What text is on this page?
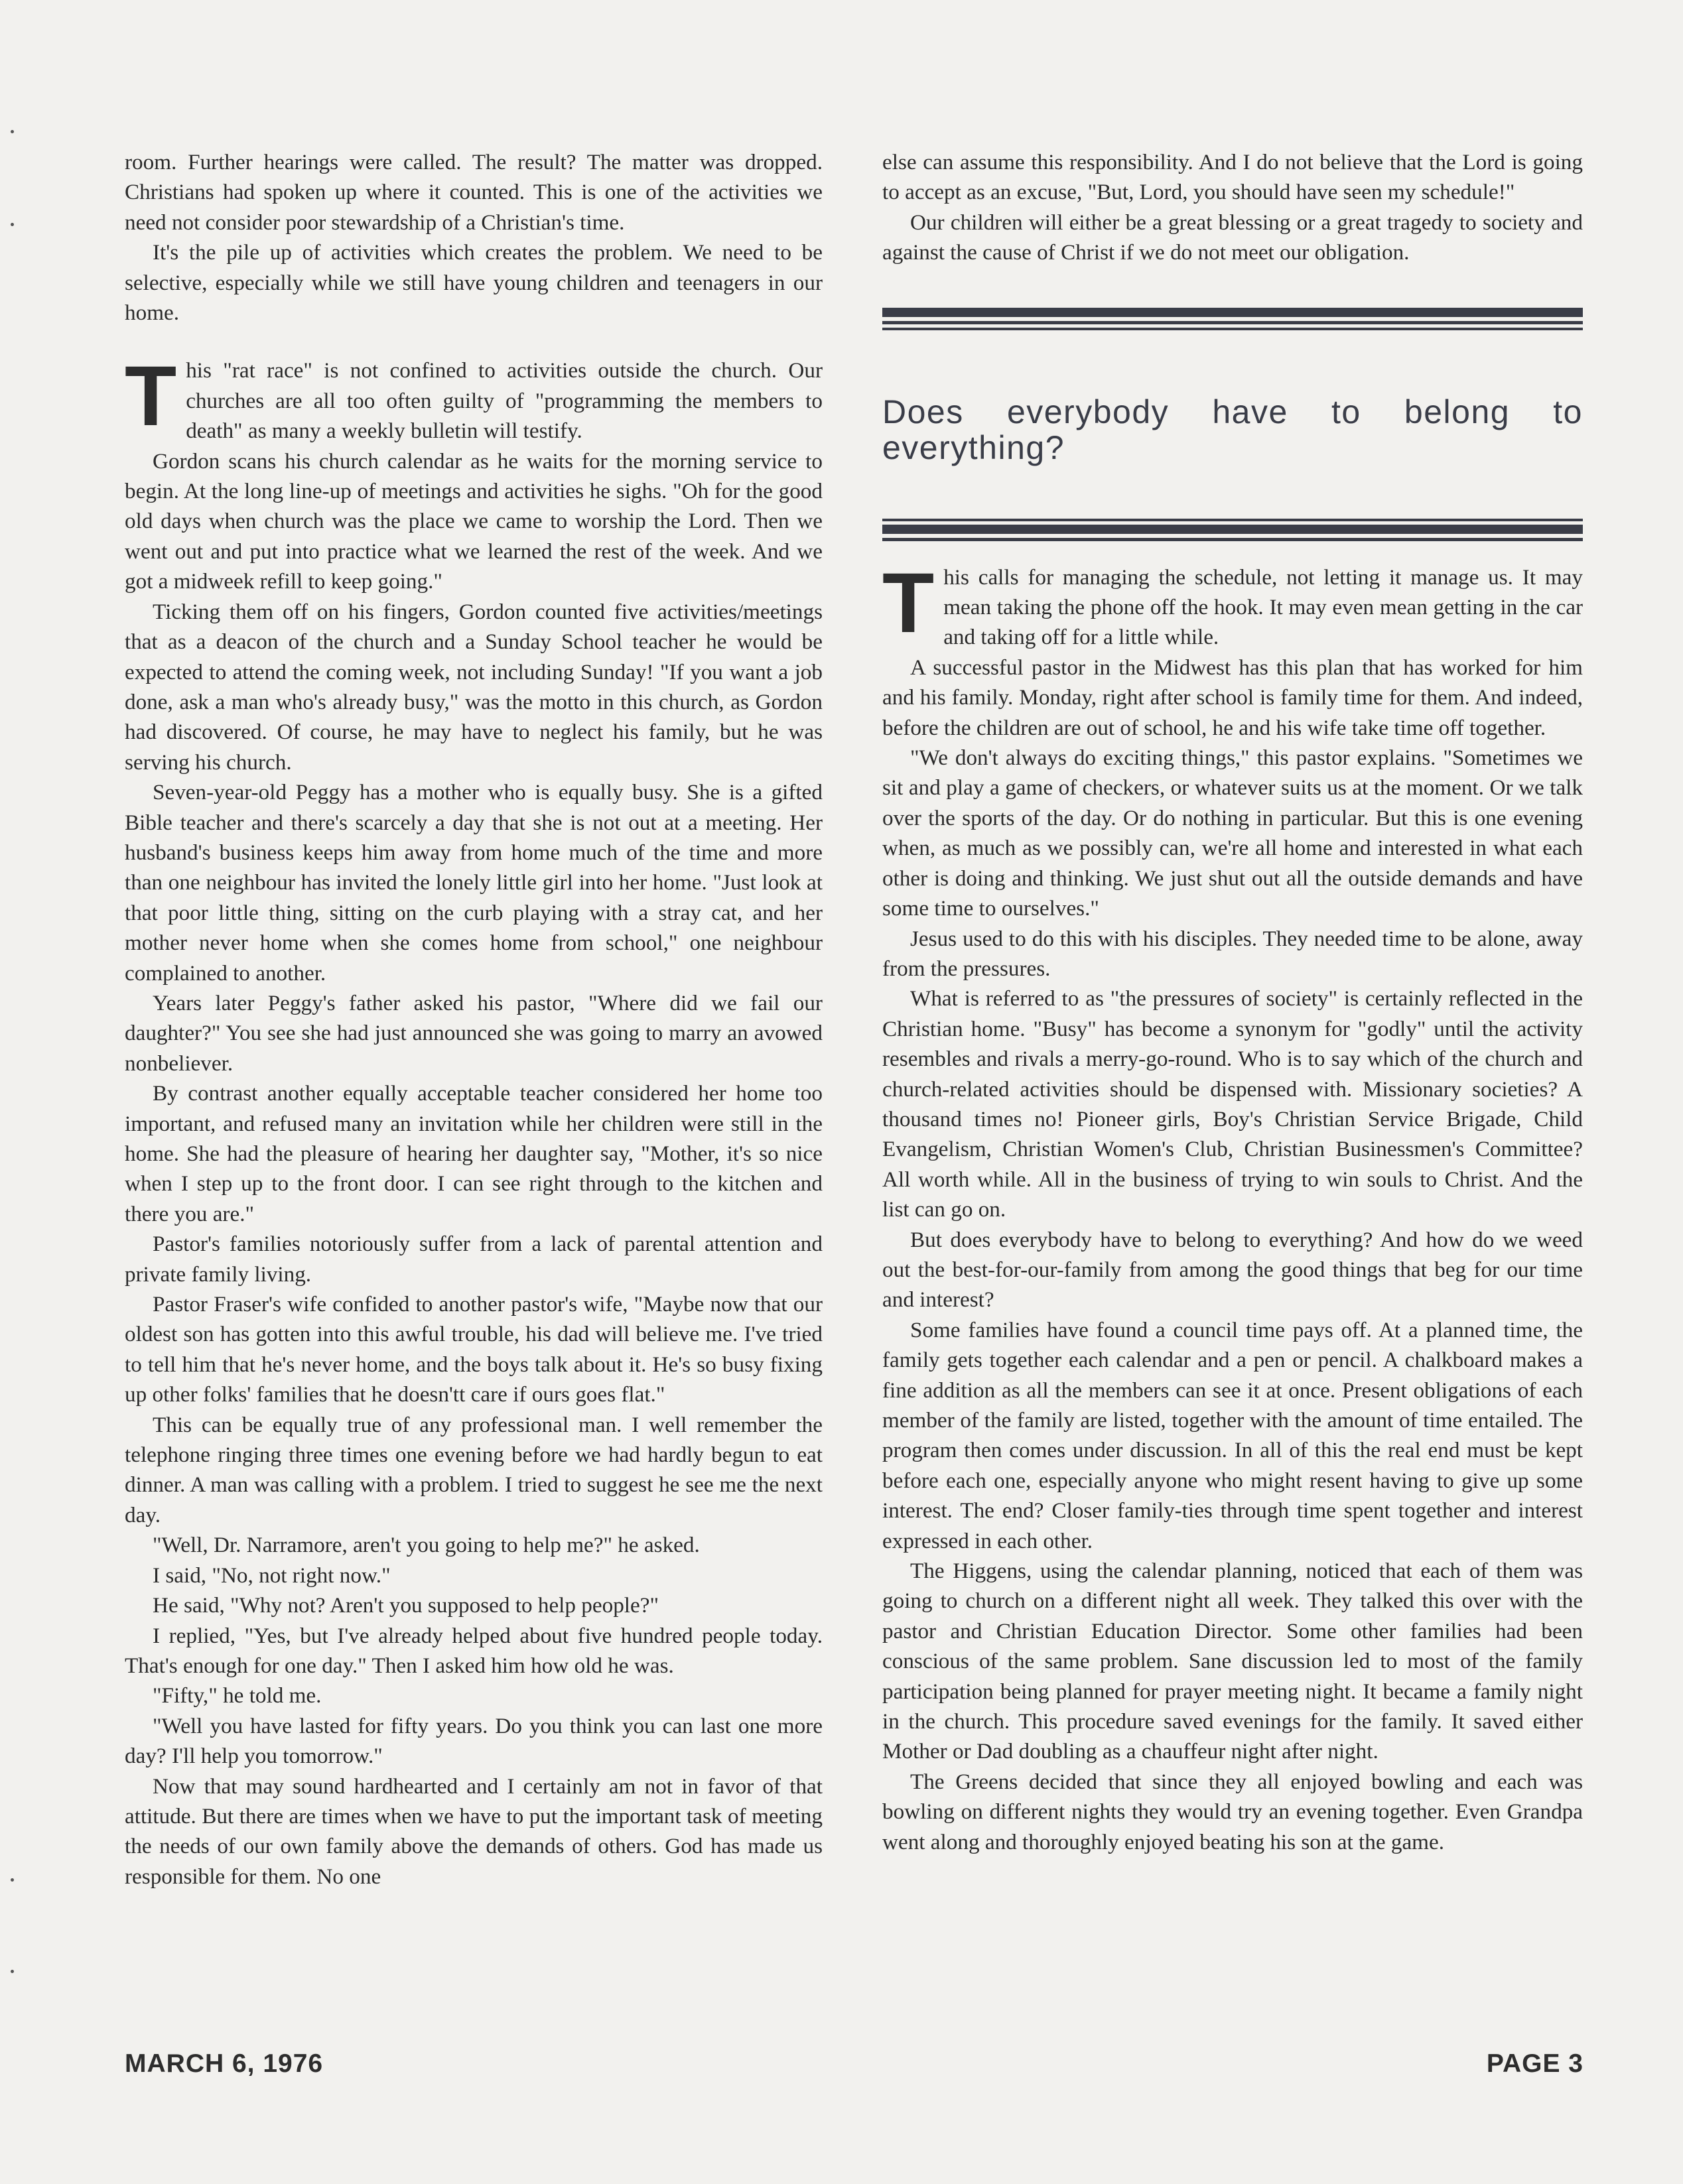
room. Further hearings were called. The result? The matter was dropped. Christians had spoken up where it counted. This is one of the activities we need not consider poor stewardship of a Christian's time.

It's the pile up of activities which creates the problem. We need to be selective, especially while we still have young children and teenagers in our home.

This "rat race" is not confined to activities outside the church. Our churches are all too often guilty of "programming the members to death" as many a weekly bulletin will testify.

Gordon scans his church calendar as he waits for the morning service to begin. At the long line-up of meetings and activities he sighs. "Oh for the good old days when church was the place we came to worship the Lord. Then we went out and put into practice what we learned the rest of the week. And we got a midweek refill to keep going."

Ticking them off on his fingers, Gordon counted five activities/meetings that as a deacon of the church and a Sunday School teacher he would be expected to attend the coming week, not including Sunday! "If you want a job done, ask a man who's already busy," was the motto in this church, as Gordon had discovered. Of course, he may have to neglect his family, but he was serving his church.

Seven-year-old Peggy has a mother who is equally busy. She is a gifted Bible teacher and there's scarcely a day that she is not out at a meeting. Her husband's business keeps him away from home much of the time and more than one neighbour has invited the lonely little girl into her home. "Just look at that poor little thing, sitting on the curb playing with a stray cat, and her mother never home when she comes home from school," one neighbour complained to another.

Years later Peggy's father asked his pastor, "Where did we fail our daughter?" You see she had just announced she was going to marry an avowed nonbeliever.

By contrast another equally acceptable teacher considered her home too important, and refused many an invitation while her children were still in the home. She had the pleasure of hearing her daughter say, "Mother, it's so nice when I step up to the front door. I can see right through to the kitchen and there you are."

Pastor's families notoriously suffer from a lack of parental attention and private family living.

Pastor Fraser's wife confided to another pastor's wife, "Maybe now that our oldest son has gotten into this awful trouble, his dad will believe me. I've tried to tell him that he's never home, and the boys talk about it. He's so busy fixing up other folks' families that he doesn'tt care if ours goes flat."

This can be equally true of any professional man. I well remember the telephone ringing three times one evening before we had hardly begun to eat dinner. A man was calling with a problem. I tried to suggest he see me the next day.

"Well, Dr. Narramore, aren't you going to help me?" he asked.

I said, "No, not right now."

He said, "Why not? Aren't you supposed to help people?"

I replied, "Yes, but I've already helped about five hundred people today. That's enough for one day." Then I asked him how old he was.

"Fifty," he told me.

"Well you have lasted for fifty years. Do you think you can last one more day? I'll help you tomorrow."

Now that may sound hardhearted and I certainly am not in favor of that attitude. But there are times when we have to put the important task of meeting the needs of our own family above the demands of others. God has made us responsible for them. No one

else can assume this responsibility. And I do not believe that the Lord is going to accept as an excuse, "But, Lord, you should have seen my schedule!"

Our children will either be a great blessing or a great tragedy to society and against the cause of Christ if we do not meet our obligation.

Does everybody have to belong to everything?

This calls for managing the schedule, not letting it manage us. It may mean taking the phone off the hook. It may even mean getting in the car and taking off for a little while.

A successful pastor in the Midwest has this plan that has worked for him and his family. Monday, right after school is family time for them. And indeed, before the children are out of school, he and his wife take time off together.

"We don't always do exciting things," this pastor explains. "Sometimes we sit and play a game of checkers, or whatever suits us at the moment. Or we talk over the sports of the day. Or do nothing in particular. But this is one evening when, as much as we possibly can, we're all home and interested in what each other is doing and thinking. We just shut out all the outside demands and have some time to ourselves."

Jesus used to do this with his disciples. They needed time to be alone, away from the pressures.

What is referred to as "the pressures of society" is certainly reflected in the Christian home. "Busy" has become a synonym for "godly" until the activity resembles and rivals a merry-go-round. Who is to say which of the church and church-related activities should be dispensed with. Missionary societies? A thousand times no! Pioneer girls, Boy's Christian Service Brigade, Child Evangelism, Christian Women's Club, Christian Businessmen's Committee? All worth while. All in the business of trying to win souls to Christ. And the list can go on.

But does everybody have to belong to everything? And how do we weed out the best-for-our-family from among the good things that beg for our time and interest?

Some families have found a council time pays off. At a planned time, the family gets together each calendar and a pen or pencil. A chalkboard makes a fine addition as all the members can see it at once. Present obligations of each member of the family are listed, together with the amount of time entailed. The program then comes under discussion. In all of this the real end must be kept before each one, especially anyone who might resent having to give up some interest. The end? Closer family-ties through time spent together and interest expressed in each other.

The Higgens, using the calendar planning, noticed that each of them was going to church on a different night all week. They talked this over with the pastor and Christian Education Director. Some other families had been conscious of the same problem. Sane discussion led to most of the family participation being planned for prayer meeting night. It became a family night in the church. This procedure saved evenings for the family. It saved either Mother or Dad doubling as a chauffeur night after night.

The Greens decided that since they all enjoyed bowling and each was bowling on different nights they would try an evening together. Even Grandpa went along and thoroughly enjoyed beating his son at the game.

MARCH 6, 1976	PAGE 3
